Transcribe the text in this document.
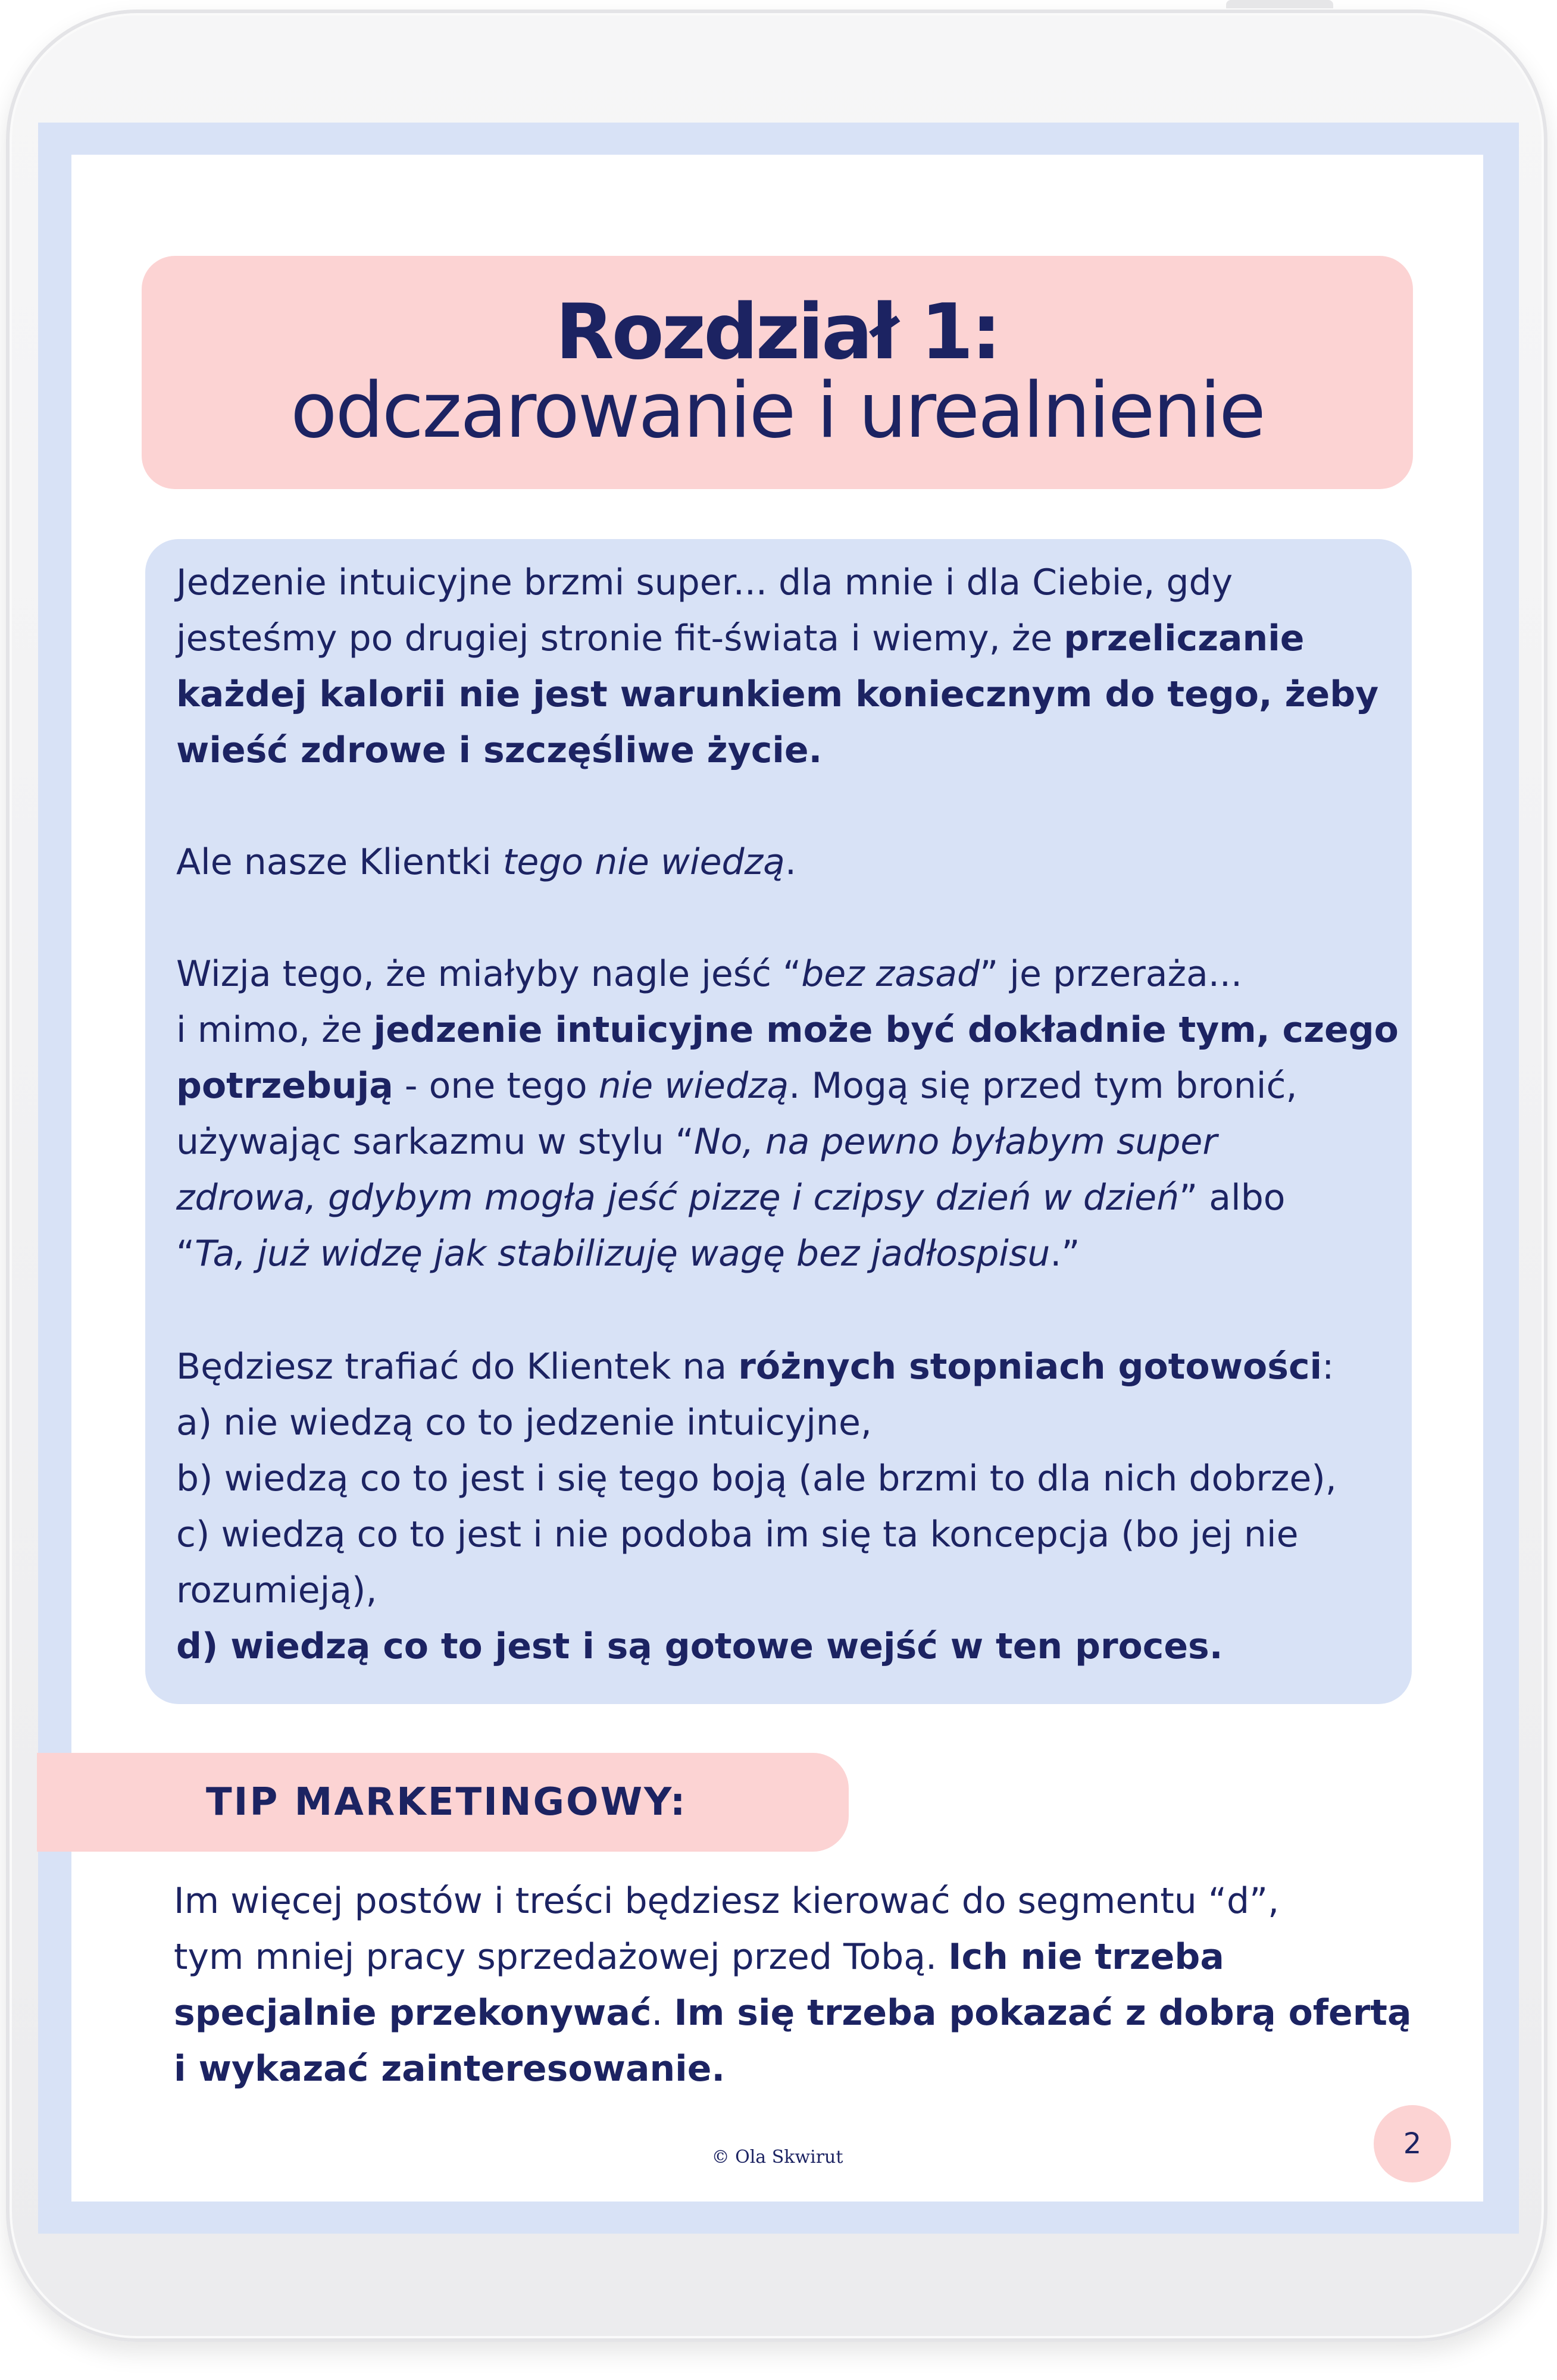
Rozdział 1:
odczarowanie i urealnienie
Jedzenie intuicyjne brzmi super... dla mnie i dla Ciebie, gdy
jesteśmy po drugiej stronie fit-świata i wiemy, że przeliczanie
każdej kalorii nie jest warunkiem koniecznym do tego, żeby
wieść zdrowe i szczęśliwe życie.
Ale nasze Klientki tego nie wiedzą.
Wizja tego, że miałyby nagle jeść “bez zasad” je przeraża...
i mimo, że jedzenie intuicyjne może być dokładnie tym, czego
potrzebują - one tego nie wiedzą. Mogą się przed tym bronić,
używając sarkazmu w stylu “No, na pewno byłabym super
zdrowa, gdybym mogła jeść pizzę i czipsy dzień w dzień” albo
“Ta, już widzę jak stabilizuję wagę bez jadłospisu.”
Będziesz trafiać do Klientek na różnych stopniach gotowości:
a) nie wiedzą co to jedzenie intuicyjne,
b) wiedzą co to jest i się tego boją (ale brzmi to dla nich dobrze),
c) wiedzą co to jest i nie podoba im się ta koncepcja (bo jej nie
rozumieją),
d) wiedzą co to jest i są gotowe wejść w ten proces.
TIP MARKETINGOWY:
Im więcej postów i treści będziesz kierować do segmentu “d”,
tym mniej pracy sprzedażowej przed Tobą. Ich nie trzeba
specjalnie przekonywać. Im się trzeba pokazać z dobrą ofertą
i wykazać zainteresowanie.
2
© Ola Skwirut
